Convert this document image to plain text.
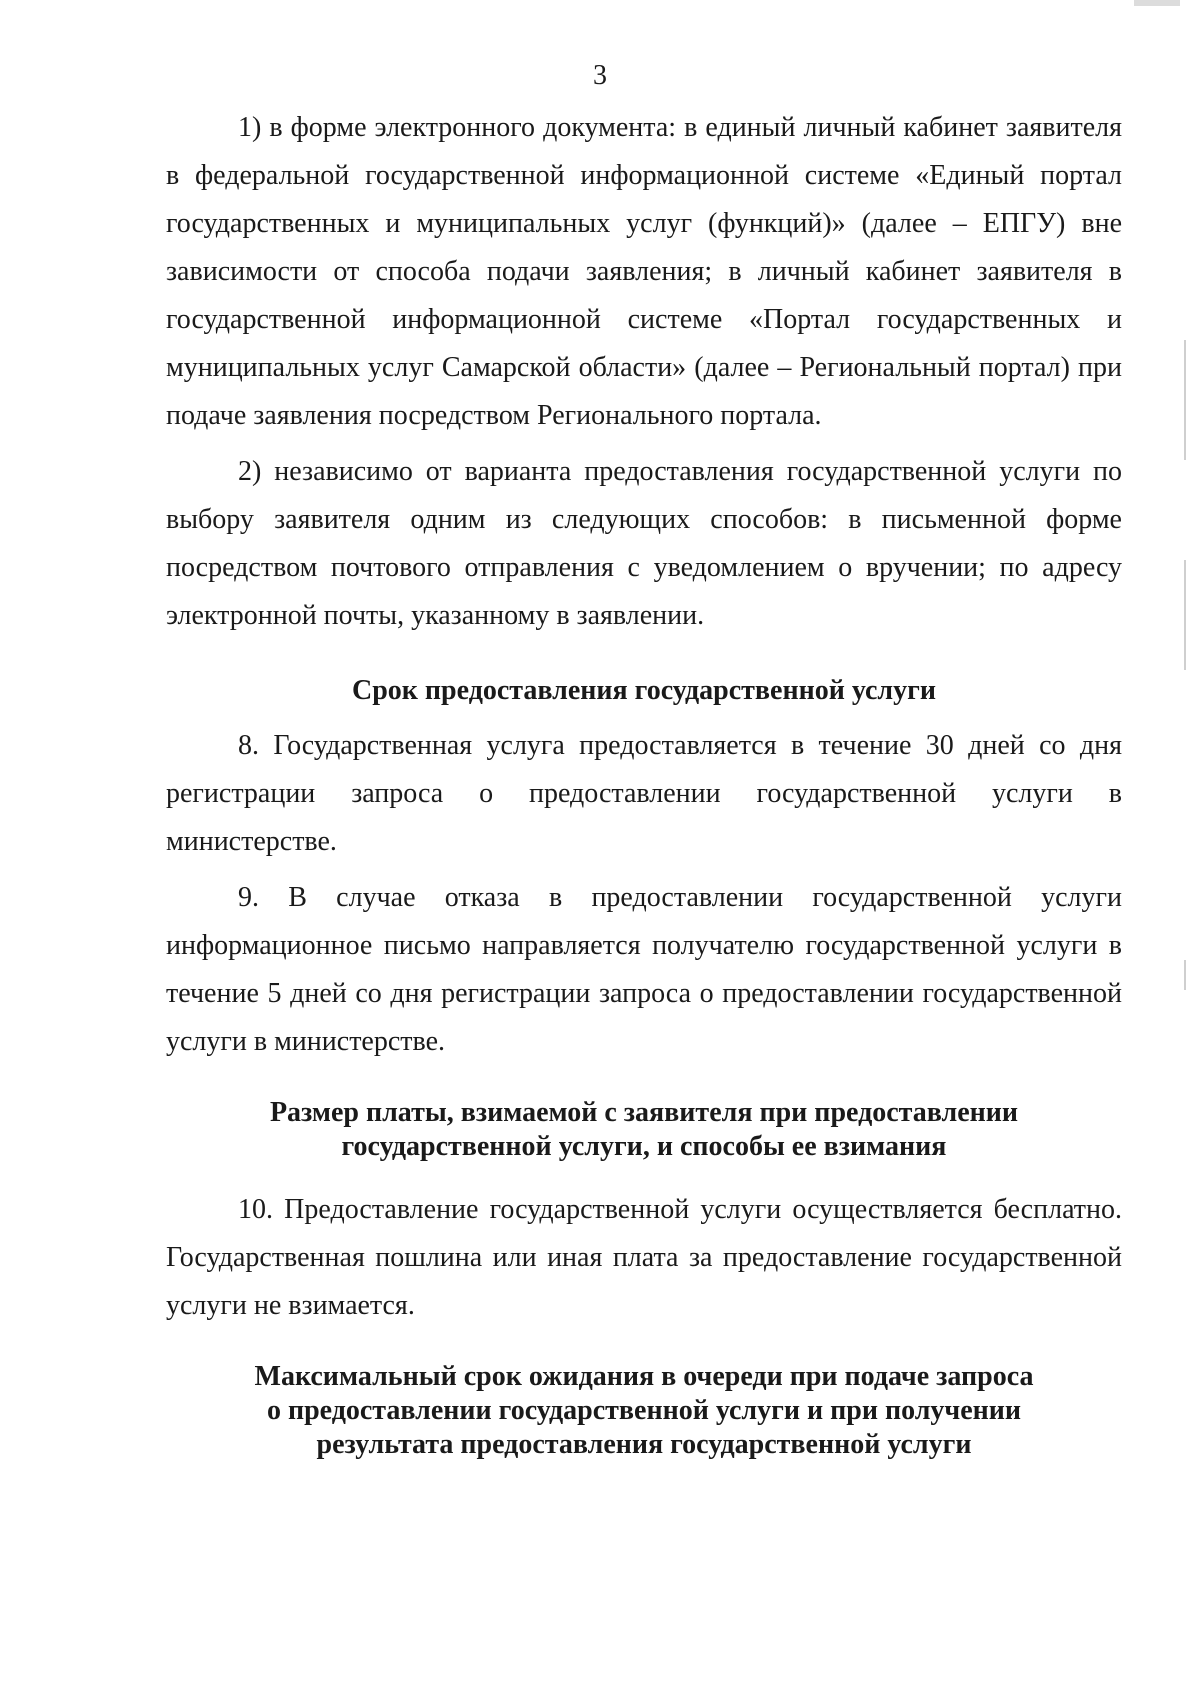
3

1) в форме электронного документа: в единый личный кабинет заявителя в федеральной государственной информационной системе «Единый портал государственных и муниципальных услуг (функций)» (далее – ЕПГУ) вне зависимости от способа подачи заявления; в личный кабинет заявителя в государственной информационной системе «Портал государственных и муниципальных услуг Самарской области» (далее – Региональный портал) при подаче заявления посредством Регионального портала.

2) независимо от варианта предоставления государственной услуги по выбору заявителя одним из следующих способов: в письменной форме посредством почтового отправления с уведомлением о вручении; по адресу электронной почты, указанному в заявлении.

Срок предоставления государственной услуги

8. Государственная услуга предоставляется в течение 30 дней со дня регистрации запроса о предоставлении государственной услуги в министерстве.

9. В случае отказа в предоставлении государственной услуги информационное письмо направляется получателю государственной услуги в течение 5 дней со дня регистрации запроса о предоставлении государственной услуги в министерстве.

Размер платы, взимаемой с заявителя при предоставлении
государственной услуги, и способы ее взимания

10. Предоставление государственной услуги осуществляется бесплатно. Государственная пошлина или иная плата за предоставление государственной услуги не взимается.

Максимальный срок ожидания в очереди при подаче запроса
о предоставлении государственной услуги и при получении
результата предоставления государственной услуги
